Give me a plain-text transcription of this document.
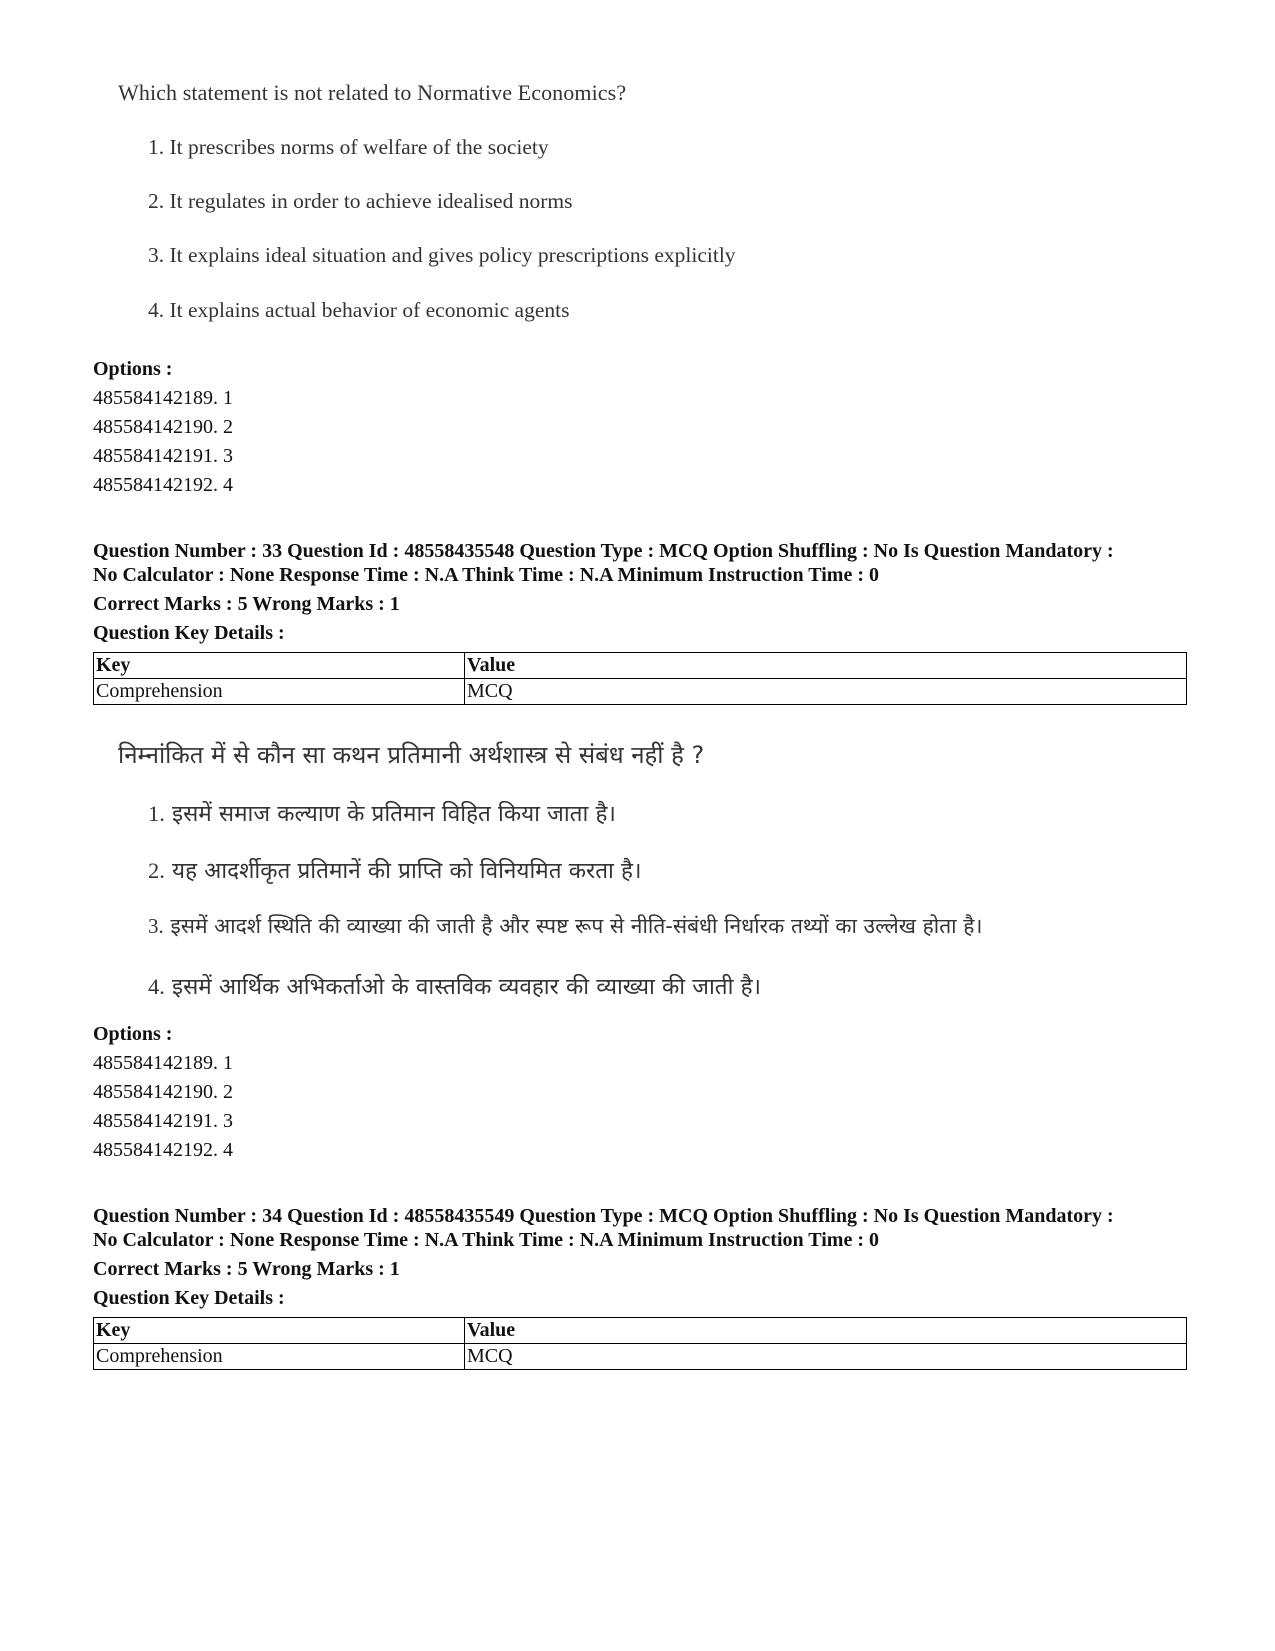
Which statement is not related to Normative Economics?
1. It prescribes norms of welfare of the society
2. It regulates in order to achieve idealised norms
3. It explains ideal situation and gives policy prescriptions explicitly
4. It explains actual behavior of economic agents
Options :
485584142189. 1
485584142190. 2
485584142191. 3
485584142192. 4
Question Number : 33 Question Id : 48558435548 Question Type : MCQ Option Shuffling : No Is Question Mandatory :
No Calculator : None Response Time : N.A Think Time : N.A Minimum Instruction Time : 0
Correct Marks : 5 Wrong Marks : 1
Question Key Details :
Key	Value
Comprehension	MCQ
निम्नांकित में से कौन सा कथन प्रतिमानी अर्थशास्त्र से संबंध नहीं है ?
1. इसमें समाज कल्याण के प्रतिमान विहित किया जाता है।
2. यह आदर्शीकृत प्रतिमानें की प्राप्ति को विनियमित करता है।
3. इसमें आदर्श स्थिति की व्याख्या की जाती है और स्पष्ट रूप से नीति-संबंधी निर्धारक तथ्यों का उल्लेख होता है।
4. इसमें आर्थिक अभिकर्ताओ के वास्तविक व्यवहार की व्याख्या की जाती है।
Options :
485584142189. 1
485584142190. 2
485584142191. 3
485584142192. 4
Question Number : 34 Question Id : 48558435549 Question Type : MCQ Option Shuffling : No Is Question Mandatory :
No Calculator : None Response Time : N.A Think Time : N.A Minimum Instruction Time : 0
Correct Marks : 5 Wrong Marks : 1
Question Key Details :
Key	Value
Comprehension	MCQ
